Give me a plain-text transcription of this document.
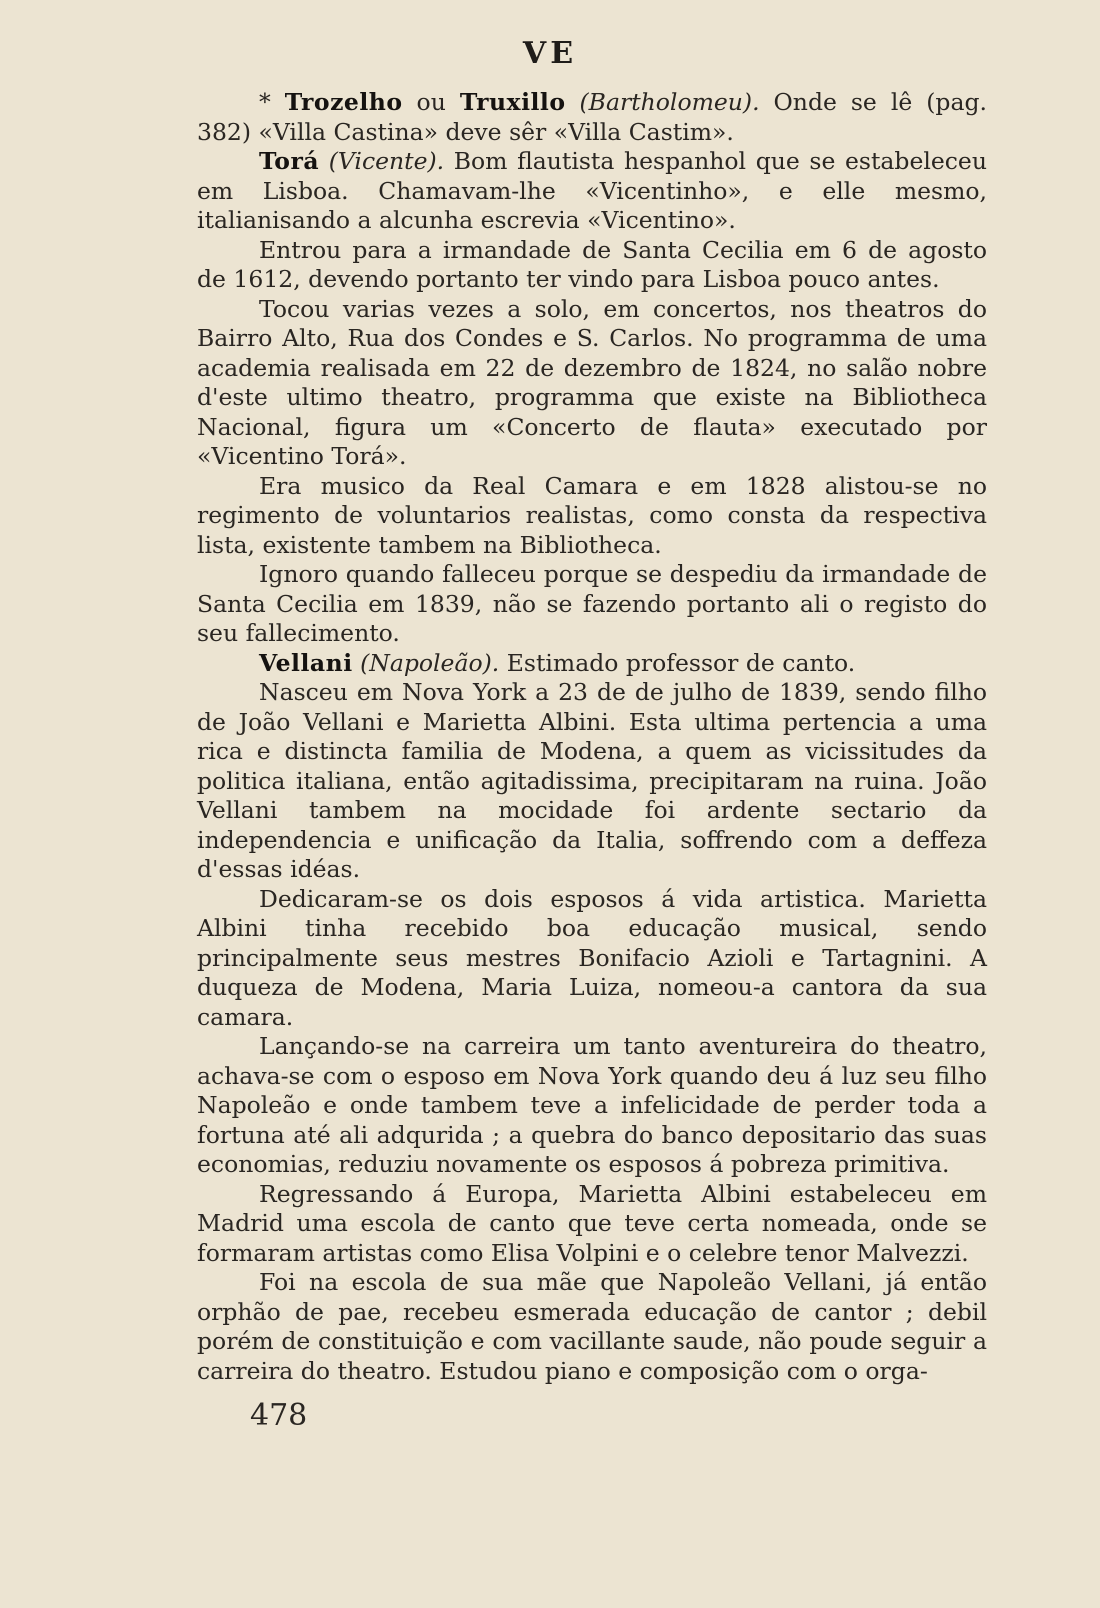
VE

* Trozelho ou Truxillo (Bartholomeu). Onde se lê (pag. 382) «Villa Castina» deve sêr «Villa Castim».

Torá (Vicente). Bom flautista hespanhol que se estabeleceu em Lisboa. Chamavam-lhe «Vicentinho», e elle mesmo, italianisando a alcunha escrevia «Vicentino».

Entrou para a irmandade de Santa Cecilia em 6 de agosto de 1612, devendo portanto ter vindo para Lisboa pouco antes.

Tocou varias vezes a solo, em concertos, nos theatros do Bairro Alto, Rua dos Condes e S. Carlos. No programma de uma academia realisada em 22 de dezembro de 1824, no salão nobre d'este ultimo theatro, programma que existe na Bibliotheca Nacional, figura um «Concerto de flauta» executado por «Vicentino Torá».

Era musico da Real Camara e em 1828 alistou-se no regimento de voluntarios realistas, como consta da respectiva lista, existente tambem na Bibliotheca.

Ignoro quando falleceu porque se despediu da irmandade de Santa Cecilia em 1839, não se fazendo portanto ali o registo do seu fallecimento.

Vellani (Napoleão). Estimado professor de canto.

Nasceu em Nova York a 23 de de julho de 1839, sendo filho de João Vellani e Marietta Albini. Esta ultima pertencia a uma rica e distincta familia de Modena, a quem as vicissitudes da politica italiana, então agitadissima, precipitaram na ruina. João Vellani tambem na mocidade foi ardente sectario da independencia e unificação da Italia, soffrendo com a deffeza d'essas idéas.

Dedicaram-se os dois esposos á vida artistica. Marietta Albini tinha recebido boa educação musical, sendo principalmente seus mestres Bonifacio Azioli e Tartagnini. A duqueza de Modena, Maria Luiza, nomeou-a cantora da sua camara.

Lançando-se na carreira um tanto aventureira do theatro, achava-se com o esposo em Nova York quando deu á luz seu filho Napoleão e onde tambem teve a infelicidade de perder toda a fortuna até ali adqurida ; a quebra do banco depositario das suas economias, reduziu novamente os esposos á pobreza primitiva.

Regressando á Europa, Marietta Albini estabeleceu em Madrid uma escola de canto que teve certa nomeada, onde se formaram artistas como Elisa Volpini e o celebre tenor Malvezzi.

Foi na escola de sua mãe que Napoleão Vellani, já então orphão de pae, recebeu esmerada educação de cantor ; debil porém de constituição e com vacillante saude, não poude seguir a carreira do theatro. Estudou piano e composição com o orga-

478
